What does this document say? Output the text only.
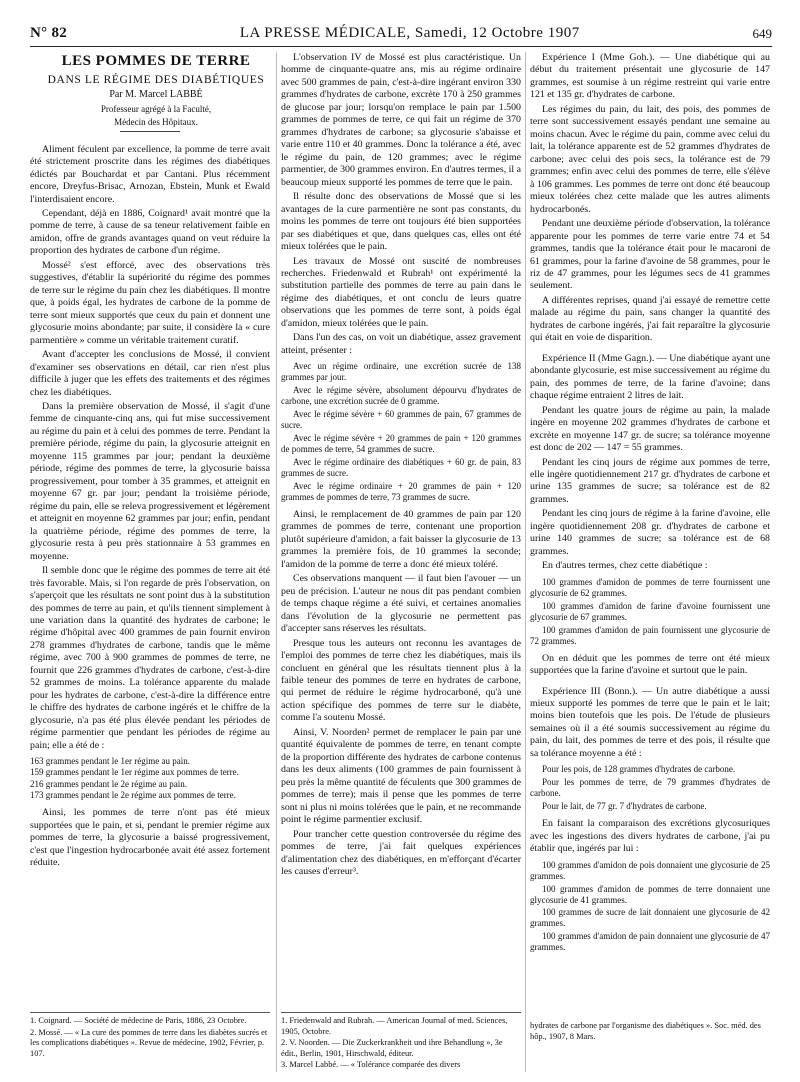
N° 82	LA PRESSE MÉDICALE, Samedi, 12 Octobre 1907	649

LES POMMES DE TERRE

DANS LE RÉGIME DES DIABÉTIQUES

Par M. Marcel LABBÉ

Professeur agrégé à la Faculté,

Médecin des Hôpitaux.

Aliment féculent par excellence, la pomme de terre avait été strictement proscrite dans les régimes des diabétiques édictés par Bouchardat et par Cantani. Plus récemment encore, Dreyfus-Brisac, Arnozan, Ebstein, Munk et Ewald l'interdisaient encore.

Cependant, déjà en 1886, Coignard¹ avait montré que la pomme de terre, à cause de sa teneur relativement faible en amidon, offre de grands avantages quand on veut réduire la proportion des hydrates de carbone d'un régime.

Mossé² s'est efforcé, avec des observations très suggestives, d'établir la supériorité du régime des pommes de terre sur le régime du pain chez les diabétiques. Il montre que, à poids égal, les hydrates de carbone de la pomme de terre sont mieux supportés que ceux du pain et donnent une glycosurie moins abondante; par suite, il considère la « cure parmentière » comme un véritable traitement curatif.

Avant d'accepter les conclusions de Mossé, il convient d'examiner ses observations en détail, car rien n'est plus difficile à juger que les effets des traitements et des régimes chez les diabétiques.

Dans la première observation de Mossé, il s'agit d'une femme de cinquante-cinq ans, qui fut mise successivement au régime du pain et à celui des pommes de terre. Pendant la première période, régime du pain, la glycosurie atteignit en moyenne 115 grammes par jour; pendant la deuxième période, régime des pommes de terre, la glycosurie baissa progressivement, pour tomber à 35 grammes, et atteignit en moyenne 67 gr. par jour; pendant la troisième période, régime du pain, elle se releva progressivement et légèrement et atteignit en moyenne 62 grammes par jour; enfin, pendant la quatrième période, régime des pommes de terre, la glycosurie resta à peu près stationnaire à 53 grammes en moyenne.

Il semble donc que le régime des pommes de terre ait été très favorable. Mais, si l'on regarde de près l'observation, on s'aperçoit que les résultats ne sont point dus à la substitution des pommes de terre au pain, et qu'ils tiennent simplement à une variation dans la quantité des hydrates de carbone; le régime d'hôpital avec 400 grammes de pain fournit environ 278 grammes d'hydrates de carbone, tandis que le même régime, avec 700 à 900 grammes de pommes de terre, ne fournit que 226 grammes d'hydrates de carbone, c'est-à-dire 52 grammes de moins. La tolérance apparente du malade pour les hydrates de carbone, c'est-à-dire la différence entre le chiffre des hydrates de carbone ingérés et le chiffre de la glycosurie, n'a pas été plus élevée pendant les périodes de régime parmentier que pendant les périodes de régime au pain; elle a été de :

163 grammes pendant le 1er régime au pain.
159 grammes pendant le 1er régime aux pommes de terre.
216 grammes pendant le 2e régime au pain.
173 grammes pendant le 2e régime aux pommes de terre.

Ainsi, les pommes de terre n'ont pas été mieux supportées que le pain, et si, pendant le premier régime aux pommes de terre, la glycosurie a baissé progressivement, c'est que l'ingestion hydrocarbonée avait été assez fortement réduite.

L'observation IV de Mossé est plus caractéristique. Un homme de cinquante-quatre ans, mis au régime ordinaire avec 500 grammes de pain, c'est-à-dire ingérant environ 330 grammes d'hydrates de carbone, excrète 170 à 250 grammes de glucose par jour; lorsqu'on remplace le pain par 1.500 grammes de pommes de terre, ce qui fait un régime de 370 grammes d'hydrates de carbone; sa glycosurie s'abaisse et varie entre 110 et 40 grammes. Donc la tolérance a été, avec le régime du pain, de 120 grammes; avec le régime parmentier, de 300 grammes environ. En d'autres termes, il a beaucoup mieux supporté les pommes de terre que le pain.

Il résulte donc des observations de Mossé que si les avantages de la cure parmentière ne sont pas constants, du moins les pommes de terre ont toujours été bien supportées par ses diabétiques et que, dans quelques cas, elles ont été mieux tolérées que le pain.

Les travaux de Mossé ont suscité de nombreuses recherches. Friedenwald et Rubrah¹ ont expérimenté la substitution partielle des pommes de terre au pain dans le régime des diabétiques, et ont conclu de leurs quatre observations que les pommes de terre sont, à poids égal d'amidon, mieux tolérées que le pain.

Dans l'un des cas, on voit un diabétique, assez gravement atteint, présenter :

Avec un régime ordinaire, une excrétion sucrée de 138 grammes par jour.

Avec le régime sévère, absolument dépourvu d'hydrates de carbone, une excrétion sucrée de 0 gramme.

Avec le régime sévère + 60 grammes de pain, 67 grammes de sucre.

Avec le régime sévère + 20 grammes de pain + 120 grammes de pommes de terre, 54 grammes de sucre.

Avec le régime ordinaire des diabétiques + 60 gr. de pain, 83 grammes de sucre.

Avec le régime ordinaire + 20 grammes de pain + 120 grammes de pommes de terre, 73 grammes de sucre.

Ainsi, le remplacement de 40 grammes de pain par 120 grammes de pommes de terre, contenant une proportion plutôt supérieure d'amidon, a fait baisser la glycosurie de 13 grammes la première fois, de 10 grammes la seconde; l'amidon de la pomme de terre a donc été mieux toléré.

Ces observations manquent — il faut bien l'avouer — un peu de précision. L'auteur ne nous dit pas pendant combien de temps chaque régime a été suivi, et certaines anomalies dans l'évolution de la glycosurie ne permettent pas d'accepter sans réserves les résultats.

Presque tous les auteurs ont reconnu les avantages de l'emploi des pommes de terre chez les diabétiques, mais ils concluent en général que les résultats tiennent plus à la faible teneur des pommes de terre en hydrates de carbone, qui permet de réduire le régime hydrocarboné, qu'à une action spécifique des pommes de terre sur le diabète, comme l'a soutenu Mossé.

Ainsi, V. Noorden² permet de remplacer le pain par une quantité équivalente de pommes de terre, en tenant compte de la proportion différente des hydrates de carbone contenus dans les deux aliments (100 grammes de pain fournissent à peu près la même quantité de féculents que 300 grammes de pommes de terre); mais il pense que les pommes de terre sont ni plus ni moins tolérées que le pain, et ne recommande point le régime parmentier exclusif.

Pour trancher cette question controversée du régime des pommes de terre, j'ai fait quelques expériences d'alimentation chez des diabétiques, en m'efforçant d'écarter les causes d'erreur³.

Expérience I (Mme Goh.). — Une diabétique qui au début du traitement présentait une glycosurie de 147 grammes, est soumise à un régime restreint qui varie entre 121 et 135 gr. d'hydrates de carbone.

Les régimes du pain, du lait, des pois, des pommes de terre sont successivement essayés pendant une semaine au moins chacun. Avec le régime du pain, comme avec celui du lait, la tolérance apparente est de 52 grammes d'hydrates de carbone; avec celui des pois secs, la tolérance est de 79 grammes; enfin avec celui des pommes de terre, elle s'élève à 106 grammes. Les pommes de terre ont donc été beaucoup mieux tolérées chez cette malade que les autres aliments hydrocarbonés.

Pendant une deuxième période d'observation, la tolérance apparente pour les pommes de terre varie entre 74 et 54 grammes, tandis que la tolérance était pour le macaroni de 61 grammes, pour la farine d'avoine de 58 grammes, pour le riz de 47 grammes, pour les légumes secs de 41 grammes seulement.

A différentes reprises, quand j'ai essayé de remettre cette malade au régime du pain, sans changer la quantité des hydrates de carbone ingérés, j'ai fait reparaître la glycosurie qui était en voie de disparition.

Expérience II (Mme Gagn.). — Une diabétique ayant une abondante glycosurie, est mise successivement au régime du pain, des pommes de terre, de la farine d'avoine; dans chaque régime entraient 2 litres de lait.

Pendant les quatre jours de régime au pain, la malade ingère en moyenne 202 grammes d'hydrates de carbone et excrète en moyenne 147 gr. de sucre; sa tolérance moyenne est donc de 202 — 147 = 55 grammes.

Pendant les cinq jours de régime aux pommes de terre, elle ingère quotidiennement 217 gr. d'hydrates de carbone et urine 135 grammes de sucre; sa tolérance est de 82 grammes.

Pendant les cinq jours de régime à la farine d'avoine, elle ingère quotidiennement 208 gr. d'hydrates de carbone et urine 140 grammes de sucre; sa tolérance est de 68 grammes.

En d'autres termes, chez cette diabétique :

100 grammes d'amidon de pommes de terre fournissent une glycosurie de 62 grammes.

100 grammes d'amidon de farine d'avoine fournissent une glycosurie de 67 grammes.

100 grammes d'amidon de pain fournissent une glycosurie de 72 grammes.

On en déduit que les pommes de terre ont été mieux supportées que la farine d'avoine et surtout que le pain.

Expérience III (Bonn.). — Un autre diabétique a aussi mieux supporté les pommes de terre que le pain et le lait; moins bien toutefois que les pois. De l'étude de plusieurs semaines où il a été soumis successivement au régime du pain, du lait, des pommes de terre et des pois, il résulte que sa tolérance moyenne a été :

Pour les pois, de 128 grammes d'hydrates de carbone.

Pour les pommes de terre, de 79 grammes d'hydrates de carbone.

Pour le lait, de 77 gr. 7 d'hydrates de carbone.

En faisant la comparaison des excrétions glycosuriques avec les ingestions des divers hydrates de carbone, j'ai pu établir que, ingérés par lui :

100 grammes d'amidon de pois donnaient une glycosurie de 25 grammes.

100 grammes d'amidon de pommes de terre donnaient une glycosurie de 41 grammes.

100 grammes de sucre de lait donnaient une glycosurie de 42 grammes.

100 grammes d'amidon de pain donnaient une glycosurie de 47 grammes.

1. Coignard. — Société de médecine de Paris, 1886, 23 Octobre.
2. Mossé. — « La cure des pommes de terre dans les diabètes sucrés et les complications diabétiques ». Revue de médecine, 1902, Février, p. 107.
1. Friedenwald and Rubrah. — American Journal of med. Sciences, 1905, Octobre.
2. V. Noorden. — Die Zuckerkrankheit und ihre Behandlung », 3e édit., Berlin, 1901, Hirschwald, éditeur.
3. Marcel Labbé. — « Tolérance comparée des divers
hydrates de carbone par l'organisme des diabétiques ». Soc. méd. des hôp., 1907, 8 Mars.
